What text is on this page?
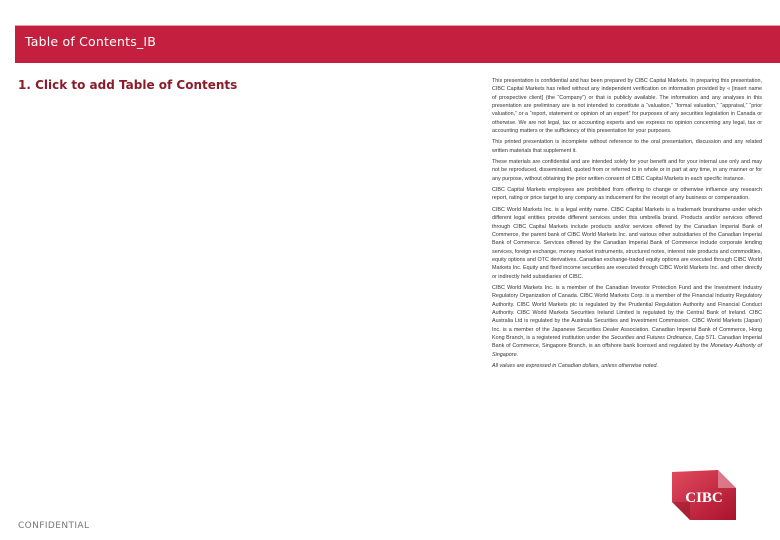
Table of Contents_IB
1. Click to add Table of Contents	This presentation is confidential and has been prepared by CIBC Capital Markets. In preparing this presentation, CIBC Capital Markets has relied without any independent verification on information provided by « [insert name of prospective client] (the “Company”) or that is publicly available. The information and any analyses in this presentation are preliminary are is not intended to constitute a “valuation,” “formal valuation,” “appraisal,” “prior valuation,” or a “report, statement or opinion of an expert” for purposes of any securities legislation in Canada or otherwise. We are not legal, tax or accounting experts and we express no opinion concerning any legal, tax or accounting matters or the sufficiency of this presentation for your purposes.

This printed presentation is incomplete without reference to the oral presentation, discussion and any related written materials that supplement it.

These materials are confidential and are intended solely for your benefit and for your internal use only and may not be reproduced, disseminated, quoted from or referred to in whole or in part at any time, in any manner or for any purpose, without obtaining the prior written consent of CIBC Capital Markets in each specific instance.

CIBC Capital Markets employees are prohibited from offering to change or otherwise influence any research report, rating or price target to any company as inducement for the receipt of any business or compensation.

CIBC World Markets Inc. is a legal entity name. CIBC Capital Markets is a trademark brandname under which different legal entities provide different services under this umbrella brand. Products and/or services offered through CIBC Capital Markets include products and/or services offered by the Canadian Imperial Bank of Commerce, the parent bank of CIBC World Markets Inc. and various other subsidiaries of the Canadian Imperial Bank of Commerce. Services offered by the Canadian Imperial Bank of Commerce include corporate lending services, foreign exchange, money market instruments, structured notes, interest rate products and commodities, equity options and OTC derivatives. Canadian exchange-traded equity options are executed through CIBC World Markets Inc. Equity and fixed income securities are executed through CIBC World Markets Inc. and other directly or indirectly held subsidiaries of CIBC.

CIBC World Markets Inc. is a member of the Canadian Investor Protection Fund and the Investment Industry Regulatory Organization of Canada. CIBC World Markets Corp. is a member of the Financial Industry Regulatory Authority. CIBC World Markets plc is regulated by the Prudential Regulation Authority and Financial Conduct Authority. CIBC World Markets Securities Ireland Limited is regulated by the Central Bank of Ireland. CIBC Australia Ltd is regulated by the Australia Securities and Investment Commission. CIBC World Markets (Japan) Inc. is a member of the Japanese Securities Dealer Association. Canadian Imperial Bank of Commerce, Hong Kong Branch, is a registered institution under the Securities and Futures Ordinance, Cap 571. Canadian Imperial Bank of Commerce, Singapore Branch, is an offshore bank licensed and regulated by the Monetary Authority of Singapore.

All values are expressed in Canadian dollars, unless otherwise noted.

CIBC
CONFIDENTIAL
